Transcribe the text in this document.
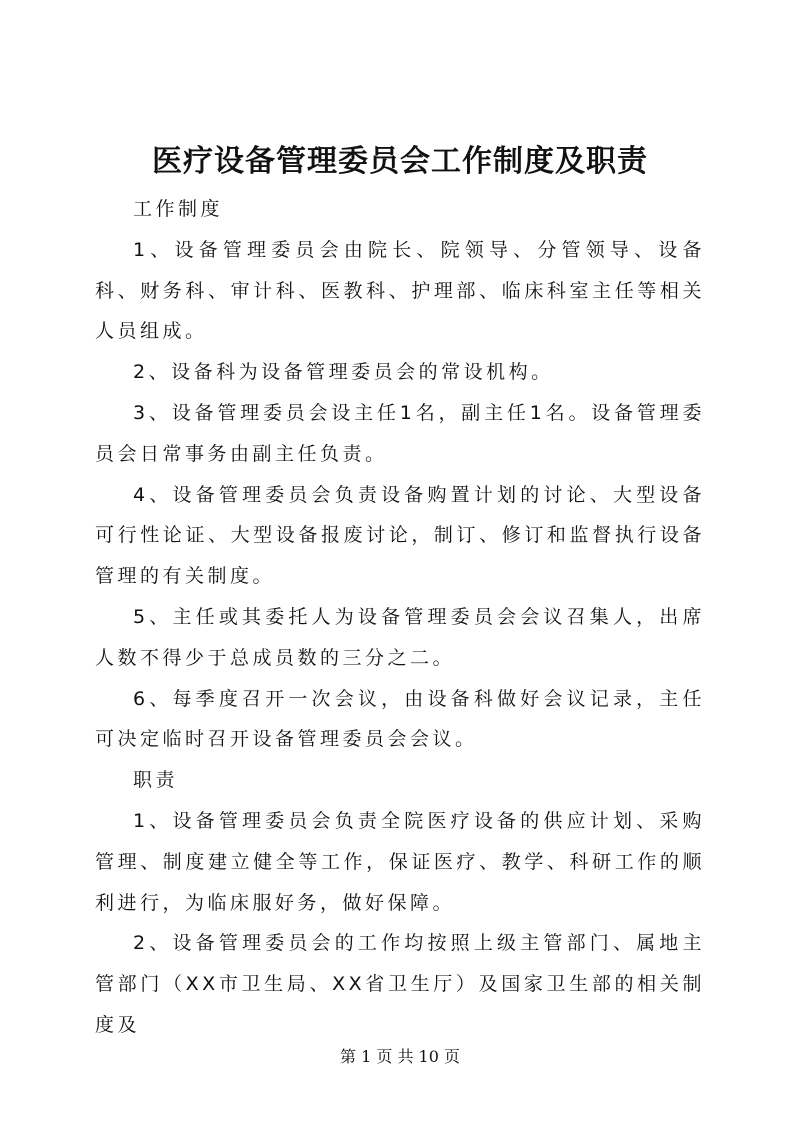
医疗设备管理委员会工作制度及职责

工作制度

1、设备管理委员会由院长、院领导、分管领导、设备科、财务科、审计科、医教科、护理部、临床科室主任等相关人员组成。

2、设备科为设备管理委员会的常设机构。

3、设备管理委员会设主任1名，副主任1名。设备管理委员会日常事务由副主任负责。

4、设备管理委员会负责设备购置计划的讨论、大型设备可行性论证、大型设备报废讨论，制订、修订和监督执行设备管理的有关制度。

5、主任或其委托人为设备管理委员会会议召集人，出席人数不得少于总成员数的三分之二。

6、每季度召开一次会议，由设备科做好会议记录，主任可决定临时召开设备管理委员会会议。

职责

1、设备管理委员会负责全院医疗设备的供应计划、采购管理、制度建立健全等工作，保证医疗、教学、科研工作的顺利进行，为临床服好务，做好保障。

2、设备管理委员会的工作均按照上级主管部门、属地主管部门（XX市卫生局、XX省卫生厅）及国家卫生部的相关制度及

第 1 页 共 10 页
